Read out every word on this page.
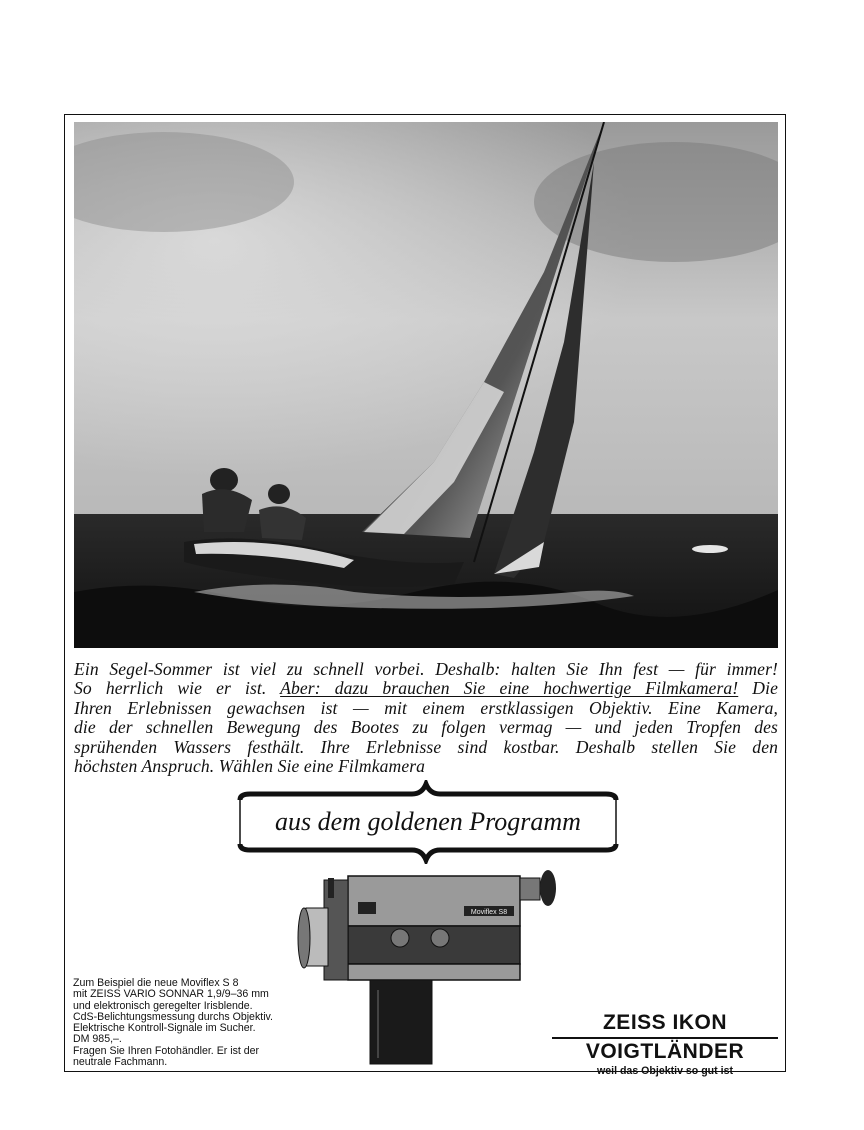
Ein Segel-Sommer ist viel zu schnell vorbei. Deshalb: halten Sie Ihn fest — für immer!
So herrlich wie er ist. Aber: dazu brauchen Sie eine hochwertige Filmkamera! Die
Ihren Erlebnissen gewachsen ist — mit einem erstklassigen Objektiv. Eine Kamera,
die der schnellen Bewegung des Bootes zu folgen vermag — und jeden Tropfen des
sprühenden Wassers festhält. Ihre Erlebnisse sind kostbar. Deshalb stellen Sie den
höchsten Anspruch. Wählen Sie eine Filmkamera
aus dem goldenen Programm
Moviflex S8
Zum Beispiel die neue Moviflex S 8
mit ZEISS VARIO SONNAR 1,9/9–36 mm
und elektronisch geregelter Irisblende.
CdS-Belichtungsmessung durchs Objektiv.
Elektrische Kontroll-Signale im Sucher.
DM 985,–.
Fragen Sie Ihren Fotohändler. Er ist der
neutrale Fachmann.
ZEISS IKON
VOIGTLÄNDER
weil das Objektiv so gut ist
